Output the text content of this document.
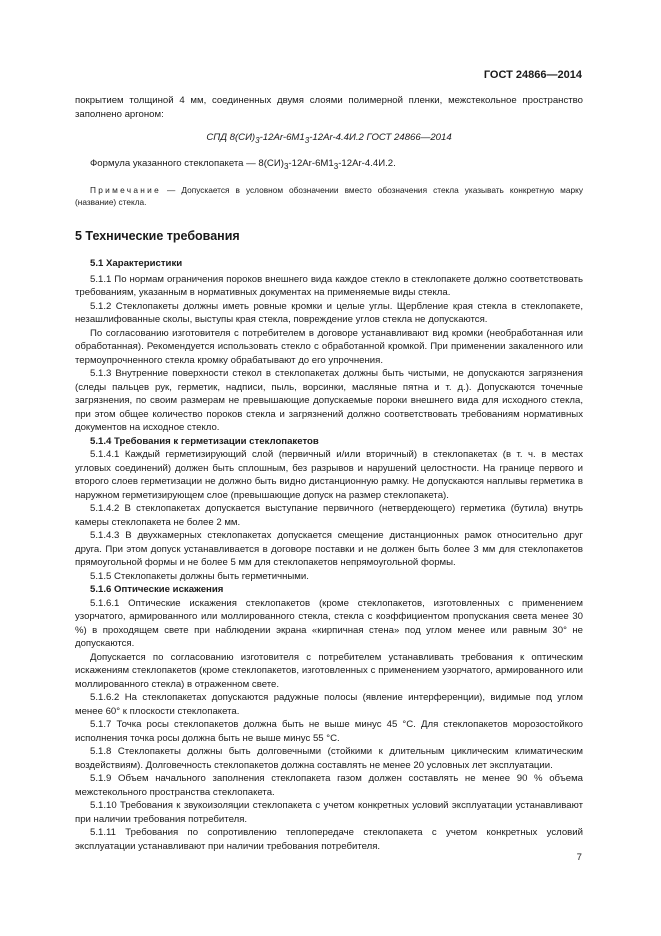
ГОСТ 24866—2014

покрытием толщиной 4 мм, соединенных двумя слоями полимерной пленки, межстекольное пространство заполнено аргоном:

СПД $8(СИ)_3-12Ar-6M1_3-12Ar-4.4И.2$ ГОСТ 24866—2014

Формула указанного стеклопакета — $8(СИ)_3-12Ar-6M1_3-12Ar-4.4И.2$.

Примечание — Допускается в условном обозначении вместо обозначения стекла указывать конкретную марку (название) стекла.

5 Технические требования

5.1 Характеристики

5.1.1 По нормам ограничения пороков внешнего вида каждое стекло в стеклопакете должно соответствовать требованиям, указанным в нормативных документах на применяемые виды стекла.

5.1.2 Стеклопакеты должны иметь ровные кромки и целые углы. Щербление края стекла в стеклопакете, незашлифованные сколы, выступы края стекла, повреждение углов стекла не допускаются.

По согласованию изготовителя с потребителем в договоре устанавливают вид кромки (необработанная или обработанная). Рекомендуется использовать стекло с обработанной кромкой. При применении закаленного или термоупрочненного стекла кромку обрабатывают до его упрочнения.

5.1.3 Внутренние поверхности стекол в стеклопакетах должны быть чистыми, не допускаются загрязнения (следы пальцев рук, герметик, надписи, пыль, ворсинки, масляные пятна и т. д.). Допускаются точечные загрязнения, по своим размерам не превышающие допускаемые пороки внешнего вида для исходного стекла, при этом общее количество пороков стекла и загрязнений должно соответствовать требованиям нормативных документов на исходное стекло.

5.1.4 Требования к герметизации стеклопакетов

5.1.4.1 Каждый герметизирующий слой (первичный и/или вторичный) в стеклопакетах (в т. ч. в местах угловых соединений) должен быть сплошным, без разрывов и нарушений целостности. На границе первого и второго слоев герметизации не должно быть видно дистанционную рамку. Не допускаются наплывы герметика в наружном герметизирующем слое (превышающие допуск на размер стеклопакета).

5.1.4.2 В стеклопакетах допускается выступание первичного (нетвердеющего) герметика (бутила) внутрь камеры стеклопакета не более 2 мм.

5.1.4.3 В двухкамерных стеклопакетах допускается смещение дистанционных рамок относительно друг друга. При этом допуск устанавливается в договоре поставки и не должен быть более 3 мм для стеклопакетов прямоугольной формы и не более 5 мм для стеклопакетов непрямоугольной формы.

5.1.5 Стеклопакеты должны быть герметичными.

5.1.6 Оптические искажения

5.1.6.1 Оптические искажения стеклопакетов (кроме стеклопакетов, изготовленных с применением узорчатого, армированного или моллированного стекла, стекла с коэффициентом пропускания света менее 30 %) в проходящем свете при наблюдении экрана «кирпичная стена» под углом менее или равным 30° не допускаются.

Допускается по согласованию изготовителя с потребителем устанавливать требования к оптическим искажениям стеклопакетов (кроме стеклопакетов, изготовленных с применением узорчатого, армированного или моллированного стекла) в отраженном свете.

5.1.6.2 На стеклопакетах допускаются радужные полосы (явление интерференции), видимые под углом менее 60° к плоскости стеклопакета.

5.1.7 Точка росы стеклопакетов должна быть не выше минус 45 °С. Для стеклопакетов морозостойкого исполнения точка росы должна быть не выше минус 55 °С.

5.1.8 Стеклопакеты должны быть долговечными (стойкими к длительным циклическим климатическим воздействиям). Долговечность стеклопакетов должна составлять не менее 20 условных лет эксплуатации.

5.1.9 Объем начального заполнения стеклопакета газом должен составлять не менее 90 % объема межстекольного пространства стеклопакета.

5.1.10 Требования к звукоизоляции стеклопакета с учетом конкретных условий эксплуатации устанавливают при наличии требования потребителя.

5.1.11 Требования по сопротивлению теплопередаче стеклопакета с учетом конкретных условий эксплуатации устанавливают при наличии требования потребителя.

7
